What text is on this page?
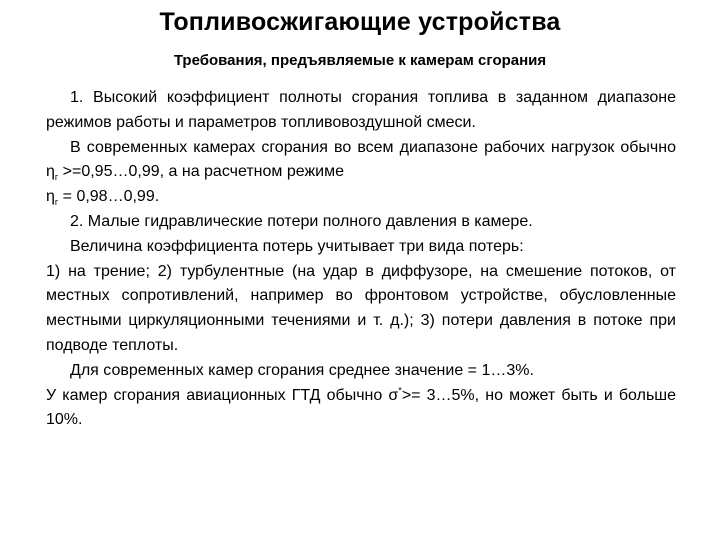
Топливосжигающие устройства
Требования, предъявляемые к камерам сгорания

1. Высокий коэффициент полноты сгорания топлива в заданном диапазоне режимов работы и параметров топливовоздушной смеси.

В современных камерах сгорания во всем диапазоне рабочих нагрузок обычно $\eta_г$ >=0,95…0,99, а на расчетном режиме

$\eta_г$ = 0,98…0,99.

2. Малые гидравлические потери полного давления в камере.

Величина коэффициента потерь учитывает три вида потерь:

1) на трение; 2) турбулентные (на удар в диффузоре, на смешение потоков, от местных сопротивлений, например во фронтовом устройстве, обусловленные местными циркуляционными течениями и т. д.); 3) потери давления в потоке при подводе теплоты.

Для современных камер сгорания среднее значение = 1…3%.

У камер сгорания авиационных ГТД обычно σ*>= 3…5%, но может быть и больше 10%.
